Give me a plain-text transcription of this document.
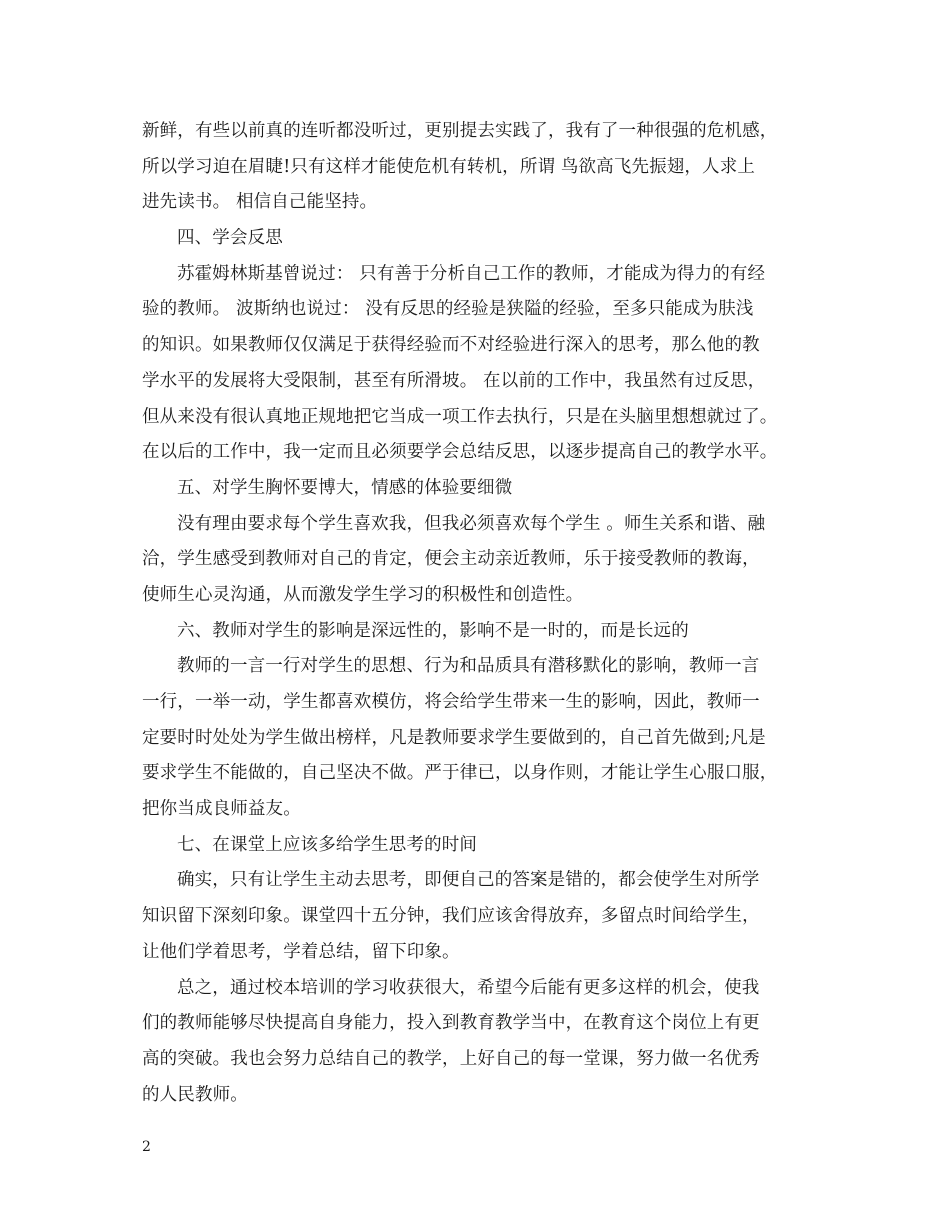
新鲜，有些以前真的连听都没听过，更别提去实践了，我有了一种很强的危机感，
所以学习迫在眉睫!只有这样才能使危机有转机，所谓 鸟欲高飞先振翅，人求上
进先读书。 相信自己能坚持。
四、学会反思
苏霍姆林斯基曾说过： 只有善于分析自己工作的教师，才能成为得力的有经
验的教师。 波斯纳也说过： 没有反思的经验是狭隘的经验，至多只能成为肤浅
的知识。如果教师仅仅满足于获得经验而不对经验进行深入的思考，那么他的教
学水平的发展将大受限制，甚至有所滑坡。 在以前的工作中，我虽然有过反思，
但从来没有很认真地正规地把它当成一项工作去执行，只是在头脑里想想就过了。
在以后的工作中，我一定而且必须要学会总结反思，以逐步提高自己的教学水平。
五、对学生胸怀要博大，情感的体验要细微
没有理由要求每个学生喜欢我，但我必须喜欢每个学生 。师生关系和谐、融
洽，学生感受到教师对自己的肯定，便会主动亲近教师，乐于接受教师的教诲，
使师生心灵沟通，从而激发学生学习的积极性和创造性。
六、教师对学生的影响是深远性的，影响不是一时的，而是长远的
教师的一言一行对学生的思想、行为和品质具有潜移默化的影响，教师一言
一行，一举一动，学生都喜欢模仿，将会给学生带来一生的影响，因此，教师一
定要时时处处为学生做出榜样，凡是教师要求学生要做到的，自己首先做到;凡是
要求学生不能做的，自己坚决不做。严于律已，以身作则，才能让学生心服口服，
把你当成良师益友。
七、在课堂上应该多给学生思考的时间
确实，只有让学生主动去思考，即便自己的答案是错的，都会使学生对所学
知识留下深刻印象。课堂四十五分钟，我们应该舍得放弃，多留点时间给学生，
让他们学着思考，学着总结，留下印象。
总之，通过校本培训的学习收获很大，希望今后能有更多这样的机会，使我
们的教师能够尽快提高自身能力，投入到教育教学当中，在教育这个岗位上有更
高的突破。我也会努力总结自己的教学，上好自己的每一堂课，努力做一名优秀
的人民教师。
2
